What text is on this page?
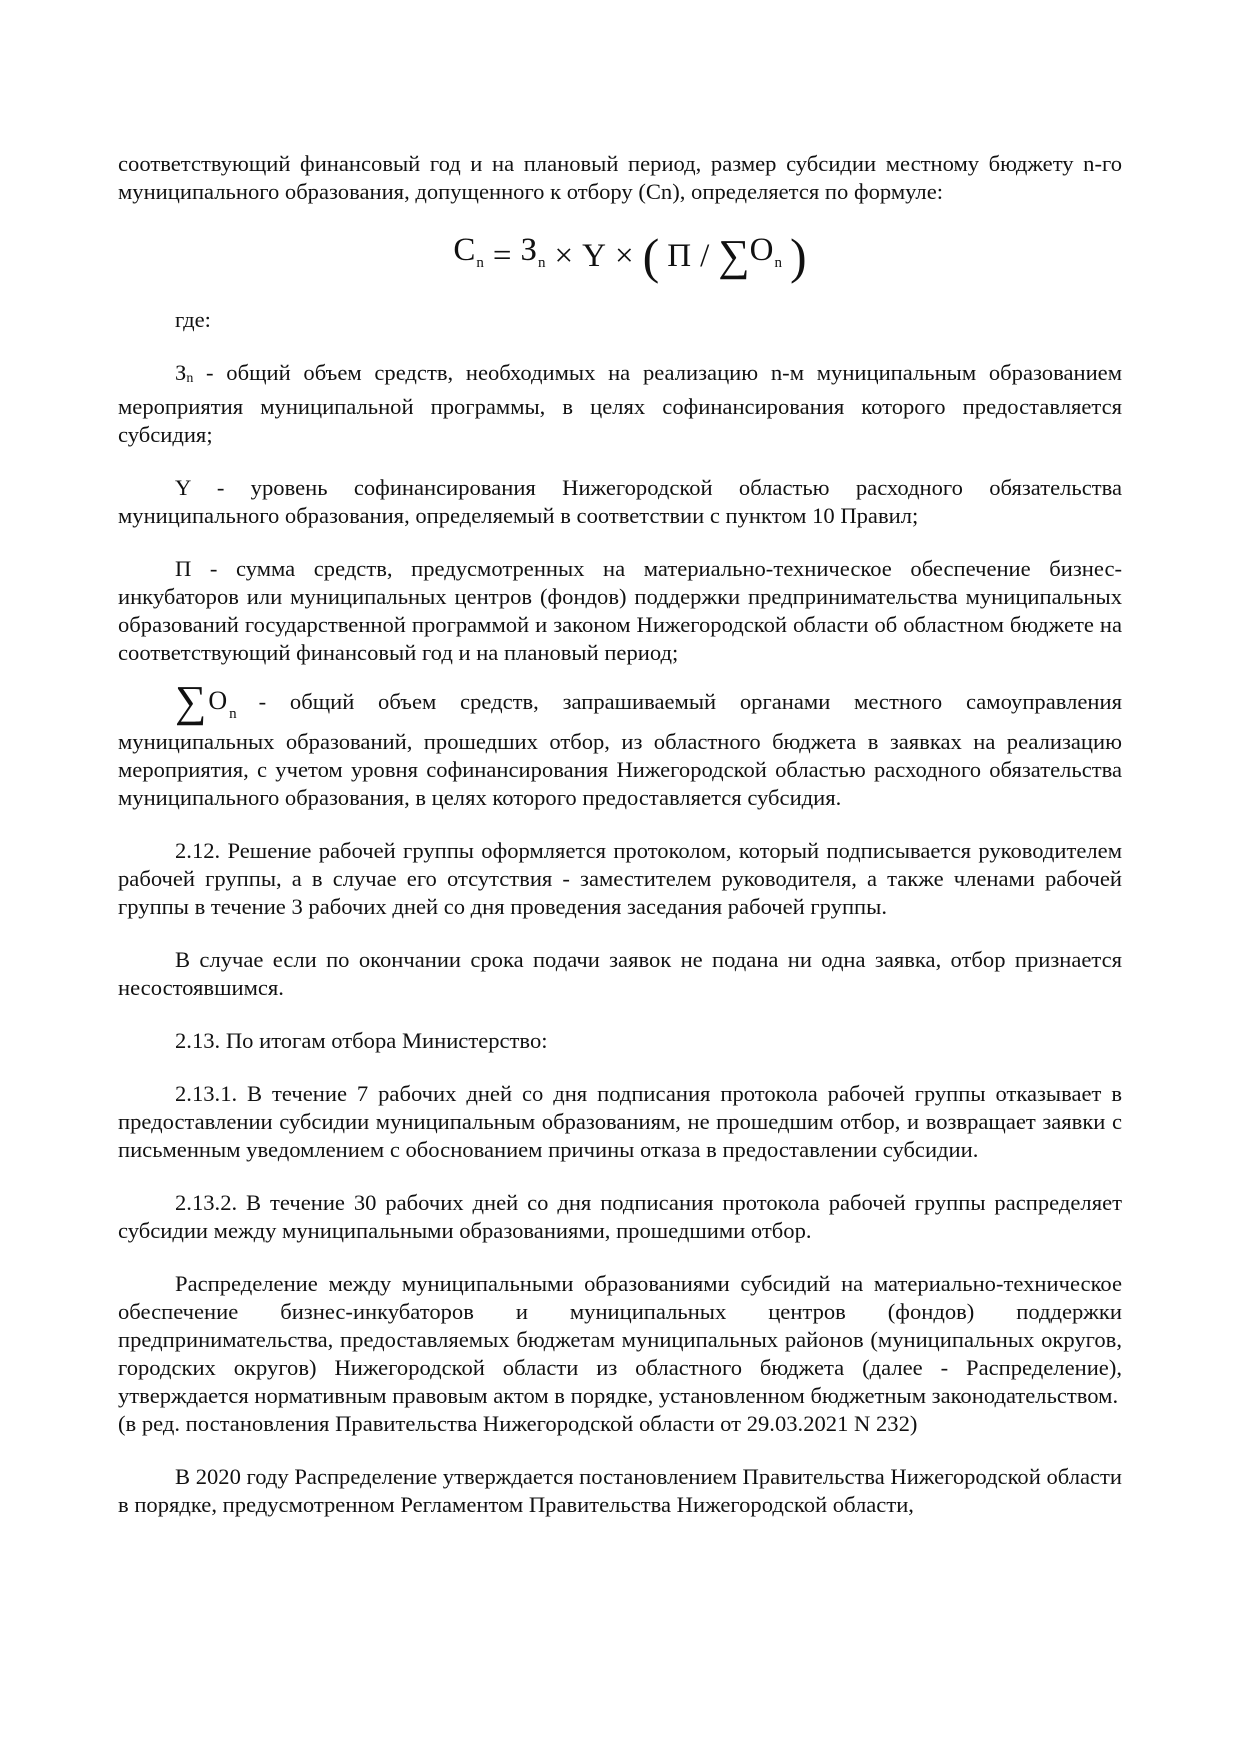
соответствующий финансовый год и на плановый период, размер субсидии местному бюджету n-го муниципального образования, допущенного к отбору (Cn), определяется по формуле:

$C_n = З_n \times Y$ × ( П / ∑ $O_n$ )

где:

$З_n$ - общий объем средств, необходимых на реализацию n-м муниципальным образованием мероприятия муниципальной программы, в целях софинансирования которого предоставляется субсидия;

Y - уровень софинансирования Нижегородской областью расходного обязательства муниципального образования, определяемый в соответствии с пунктом 10 Правил;

П - сумма средств, предусмотренных на материально-техническое обеспечение бизнес-инкубаторов или муниципальных центров (фондов) поддержки предпринимательства муниципальных образований государственной программой и законом Нижегородской области об областном бюджете на соответствующий финансовый год и на плановый период;

∑O $_n$ - общий объем средств, запрашиваемый органами местного самоуправления муниципальных образований, прошедших отбор, из областного бюджета в заявках на реализацию мероприятия, с учетом уровня софинансирования Нижегородской областью расходного обязательства муниципального образования, в целях которого предоставляется субсидия.

2.12. Решение рабочей группы оформляется протоколом, который подписывается руководителем рабочей группы, а в случае его отсутствия - заместителем руководителя, а также членами рабочей группы в течение 3 рабочих дней со дня проведения заседания рабочей группы.

В случае если по окончании срока подачи заявок не подана ни одна заявка, отбор признается несостоявшимся.

2.13. По итогам отбора Министерство:

2.13.1. В течение 7 рабочих дней со дня подписания протокола рабочей группы отказывает в предоставлении субсидии муниципальным образованиям, не прошедшим отбор, и возвращает заявки с письменным уведомлением с обоснованием причины отказа в предоставлении субсидии.

2.13.2. В течение 30 рабочих дней со дня подписания протокола рабочей группы распределяет субсидии между муниципальными образованиями, прошедшими отбор.

Распределение между муниципальными образованиями субсидий на материально-техническое обеспечение бизнес-инкубаторов и муниципальных центров (фондов) поддержки предпринимательства, предоставляемых бюджетам муниципальных районов (муниципальных округов, городских округов) Нижегородской области из областного бюджета (далее - Распределение), утверждается нормативным правовым актом в порядке, установленном бюджетным законодательством.

(в ред. постановления Правительства Нижегородской области от 29.03.2021 N 232)

В 2020 году Распределение утверждается постановлением Правительства Нижегородской области в порядке, предусмотренном Регламентом Правительства Нижегородской области,
